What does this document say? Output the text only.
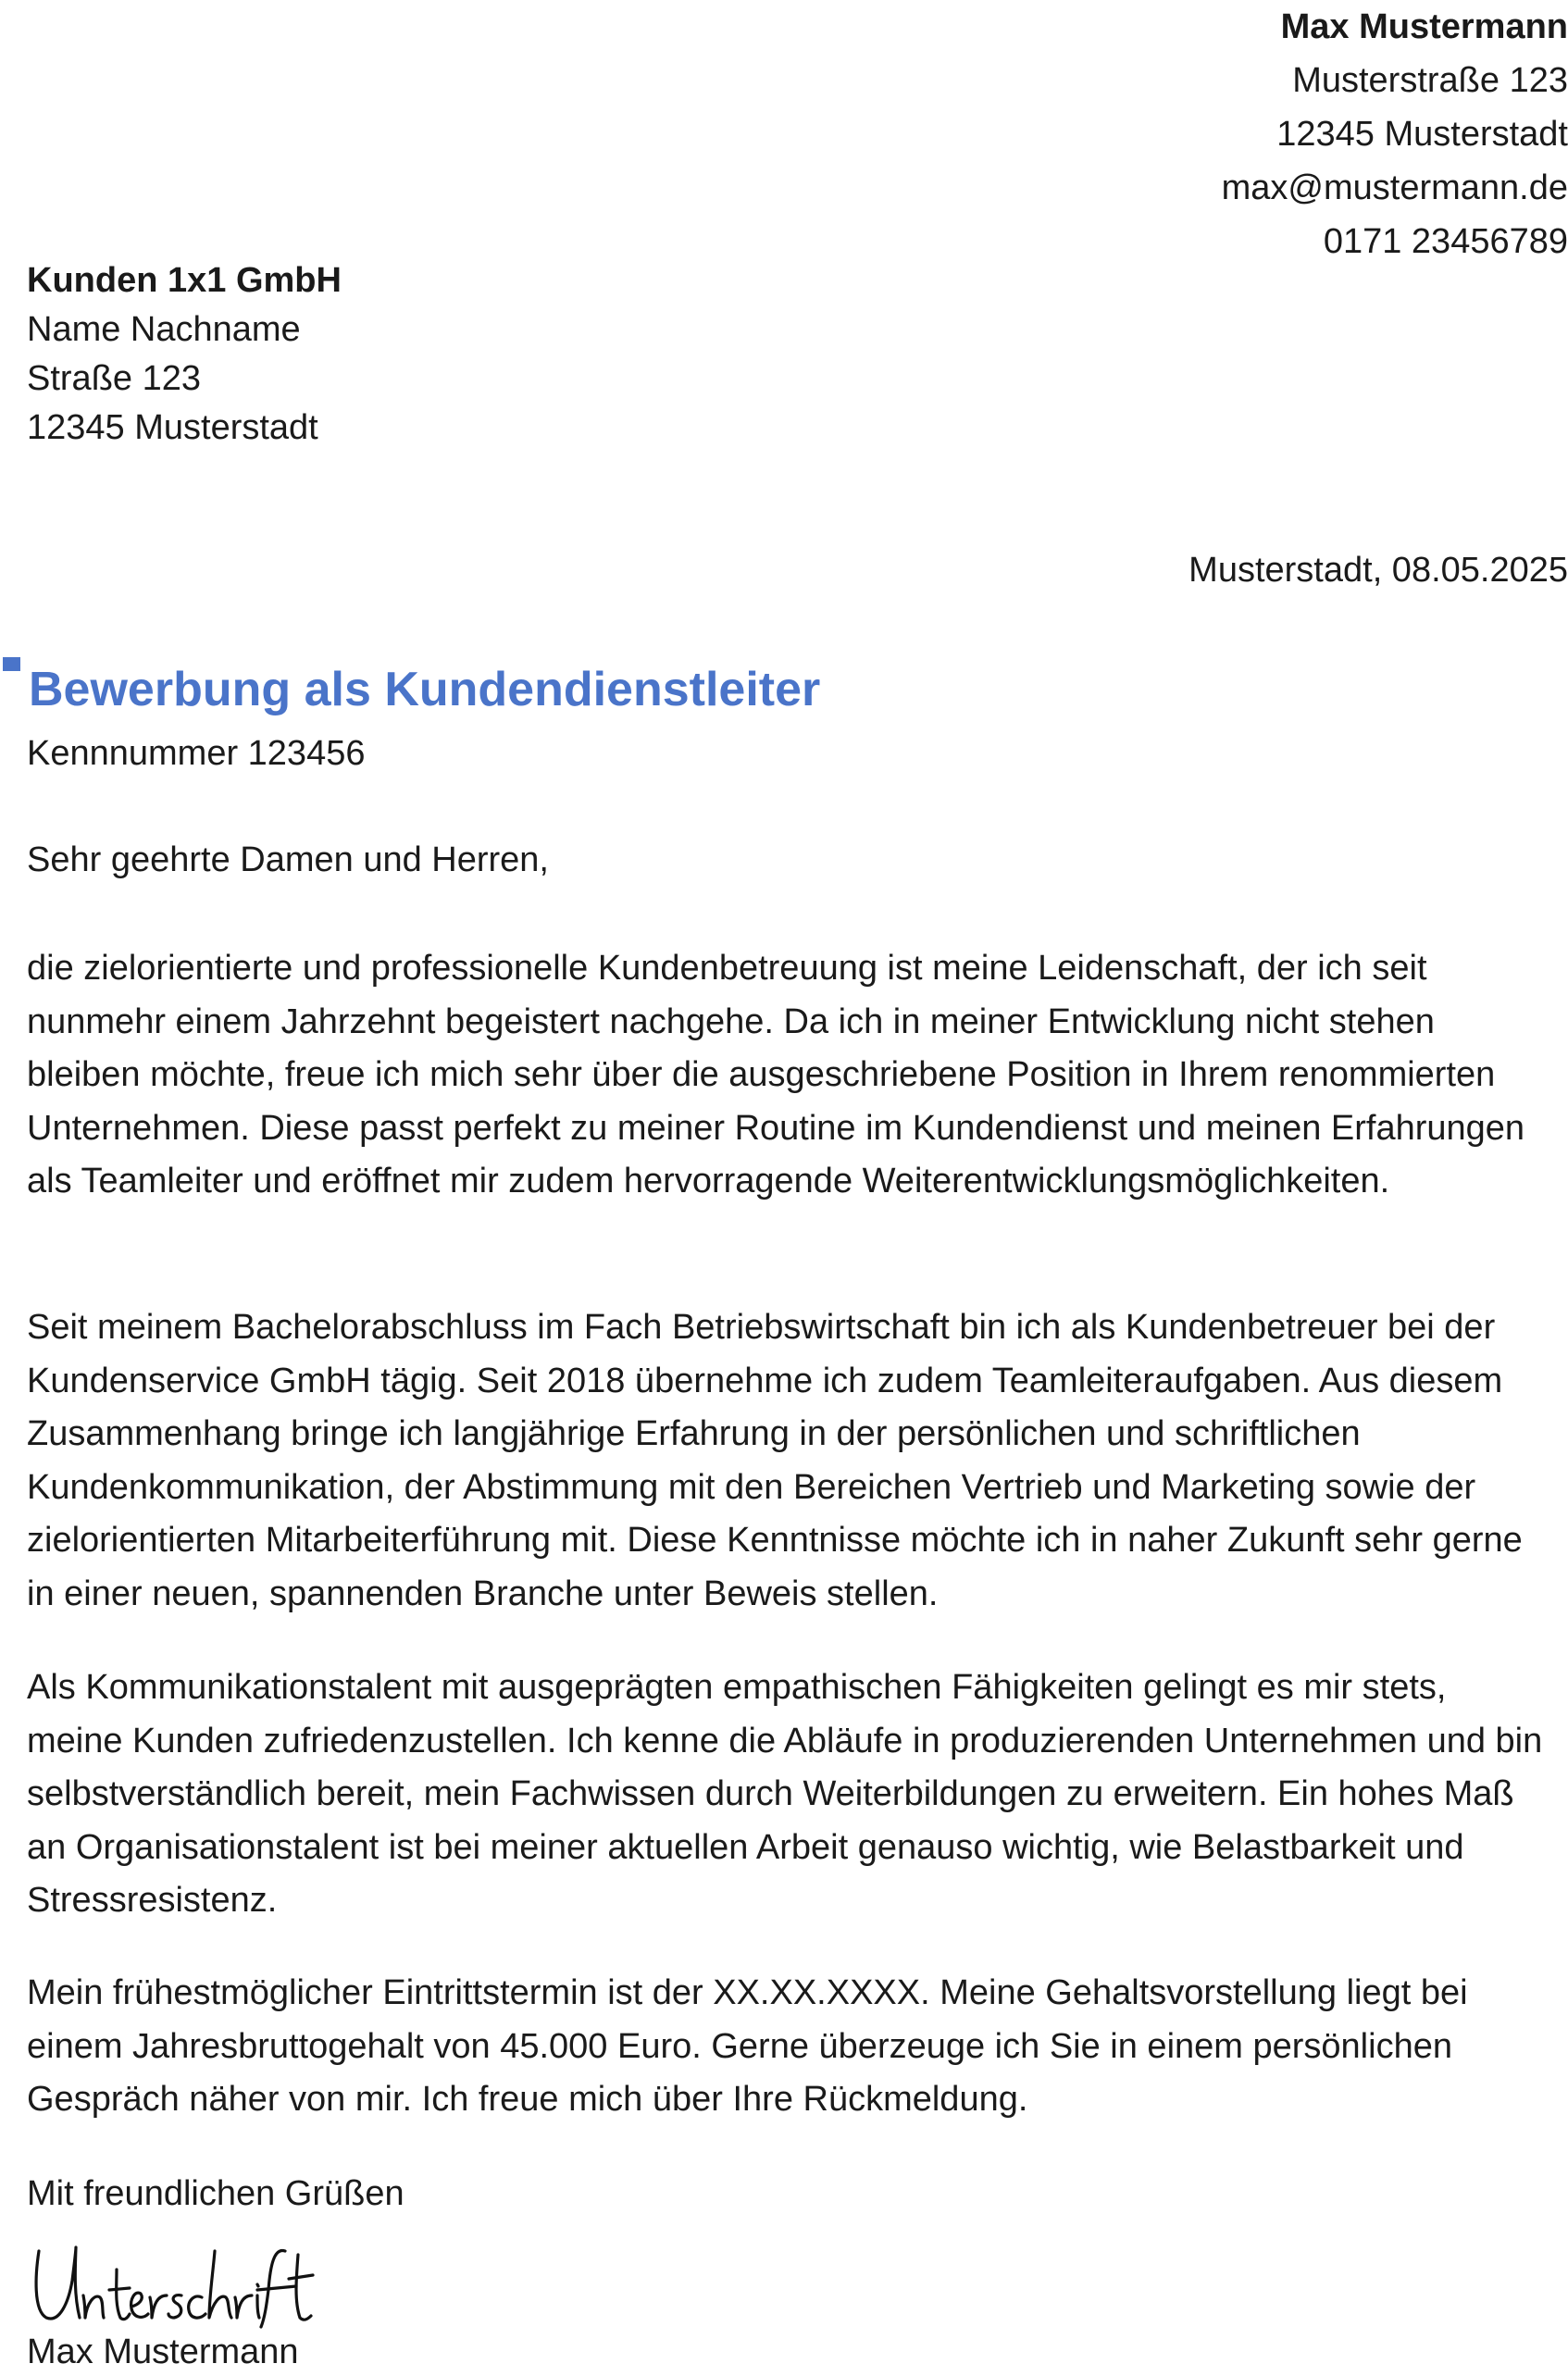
Max Mustermann
Musterstraße 123
12345 Musterstadt
max@mustermann.de
0171 23456789
Kunden 1x1 GmbH
Name Nachname
Straße 123
12345 Musterstadt
Musterstadt, 08.05.2025
Bewerbung als Kundendienstleiter
Kennnummer 123456
Sehr geehrte Damen und Herren,

die zielorientierte und professionelle Kundenbetreuung ist meine Leidenschaft, der ich seit nunmehr einem Jahrzehnt begeistert nachgehe. Da ich in meiner Entwicklung nicht stehen bleiben möchte, freue ich mich sehr über die ausgeschriebene Position in Ihrem renommierten Unternehmen. Diese passt perfekt zu meiner Routine im Kundendienst und meinen Erfahrungen als Teamleiter und eröffnet mir zudem hervorragende Weiterentwicklungsmöglichkeiten.

Seit meinem Bachelorabschluss im Fach Betriebswirtschaft bin ich als Kundenbetreuer bei der Kundenservice GmbH tägig. Seit 2018 übernehme ich zudem Teamleiteraufgaben. Aus diesem Zusammenhang bringe ich langjährige Erfahrung in der persönlichen und schriftlichen Kundenkommunikation, der Abstimmung mit den Bereichen Vertrieb und Marketing sowie der zielorientierten Mitarbeiterführung mit. Diese Kenntnisse möchte ich in naher Zukunft sehr gerne in einer neuen, spannenden Branche unter Beweis stellen.

Als Kommunikationstalent mit ausgeprägten empathischen Fähigkeiten gelingt es mir stets, meine Kunden zufriedenzustellen. Ich kenne die Abläufe in produzierenden Unternehmen und bin selbstverständlich bereit, mein Fachwissen durch Weiterbildungen zu erweitern. Ein hohes Maß an Organisationstalent ist bei meiner aktuellen Arbeit genauso wichtig, wie Belastbarkeit und Stressresistenz.

Mein frühestmöglicher Eintrittstermin ist der XX.XX.XXXX. Meine Gehaltsvorstellung liegt bei einem Jahresbruttogehalt von 45.000 Euro. Gerne überzeuge ich Sie in einem persönlichen Gespräch näher von mir. Ich freue mich über Ihre Rückmeldung.

Mit freundlichen Grüßen
Max Mustermann
